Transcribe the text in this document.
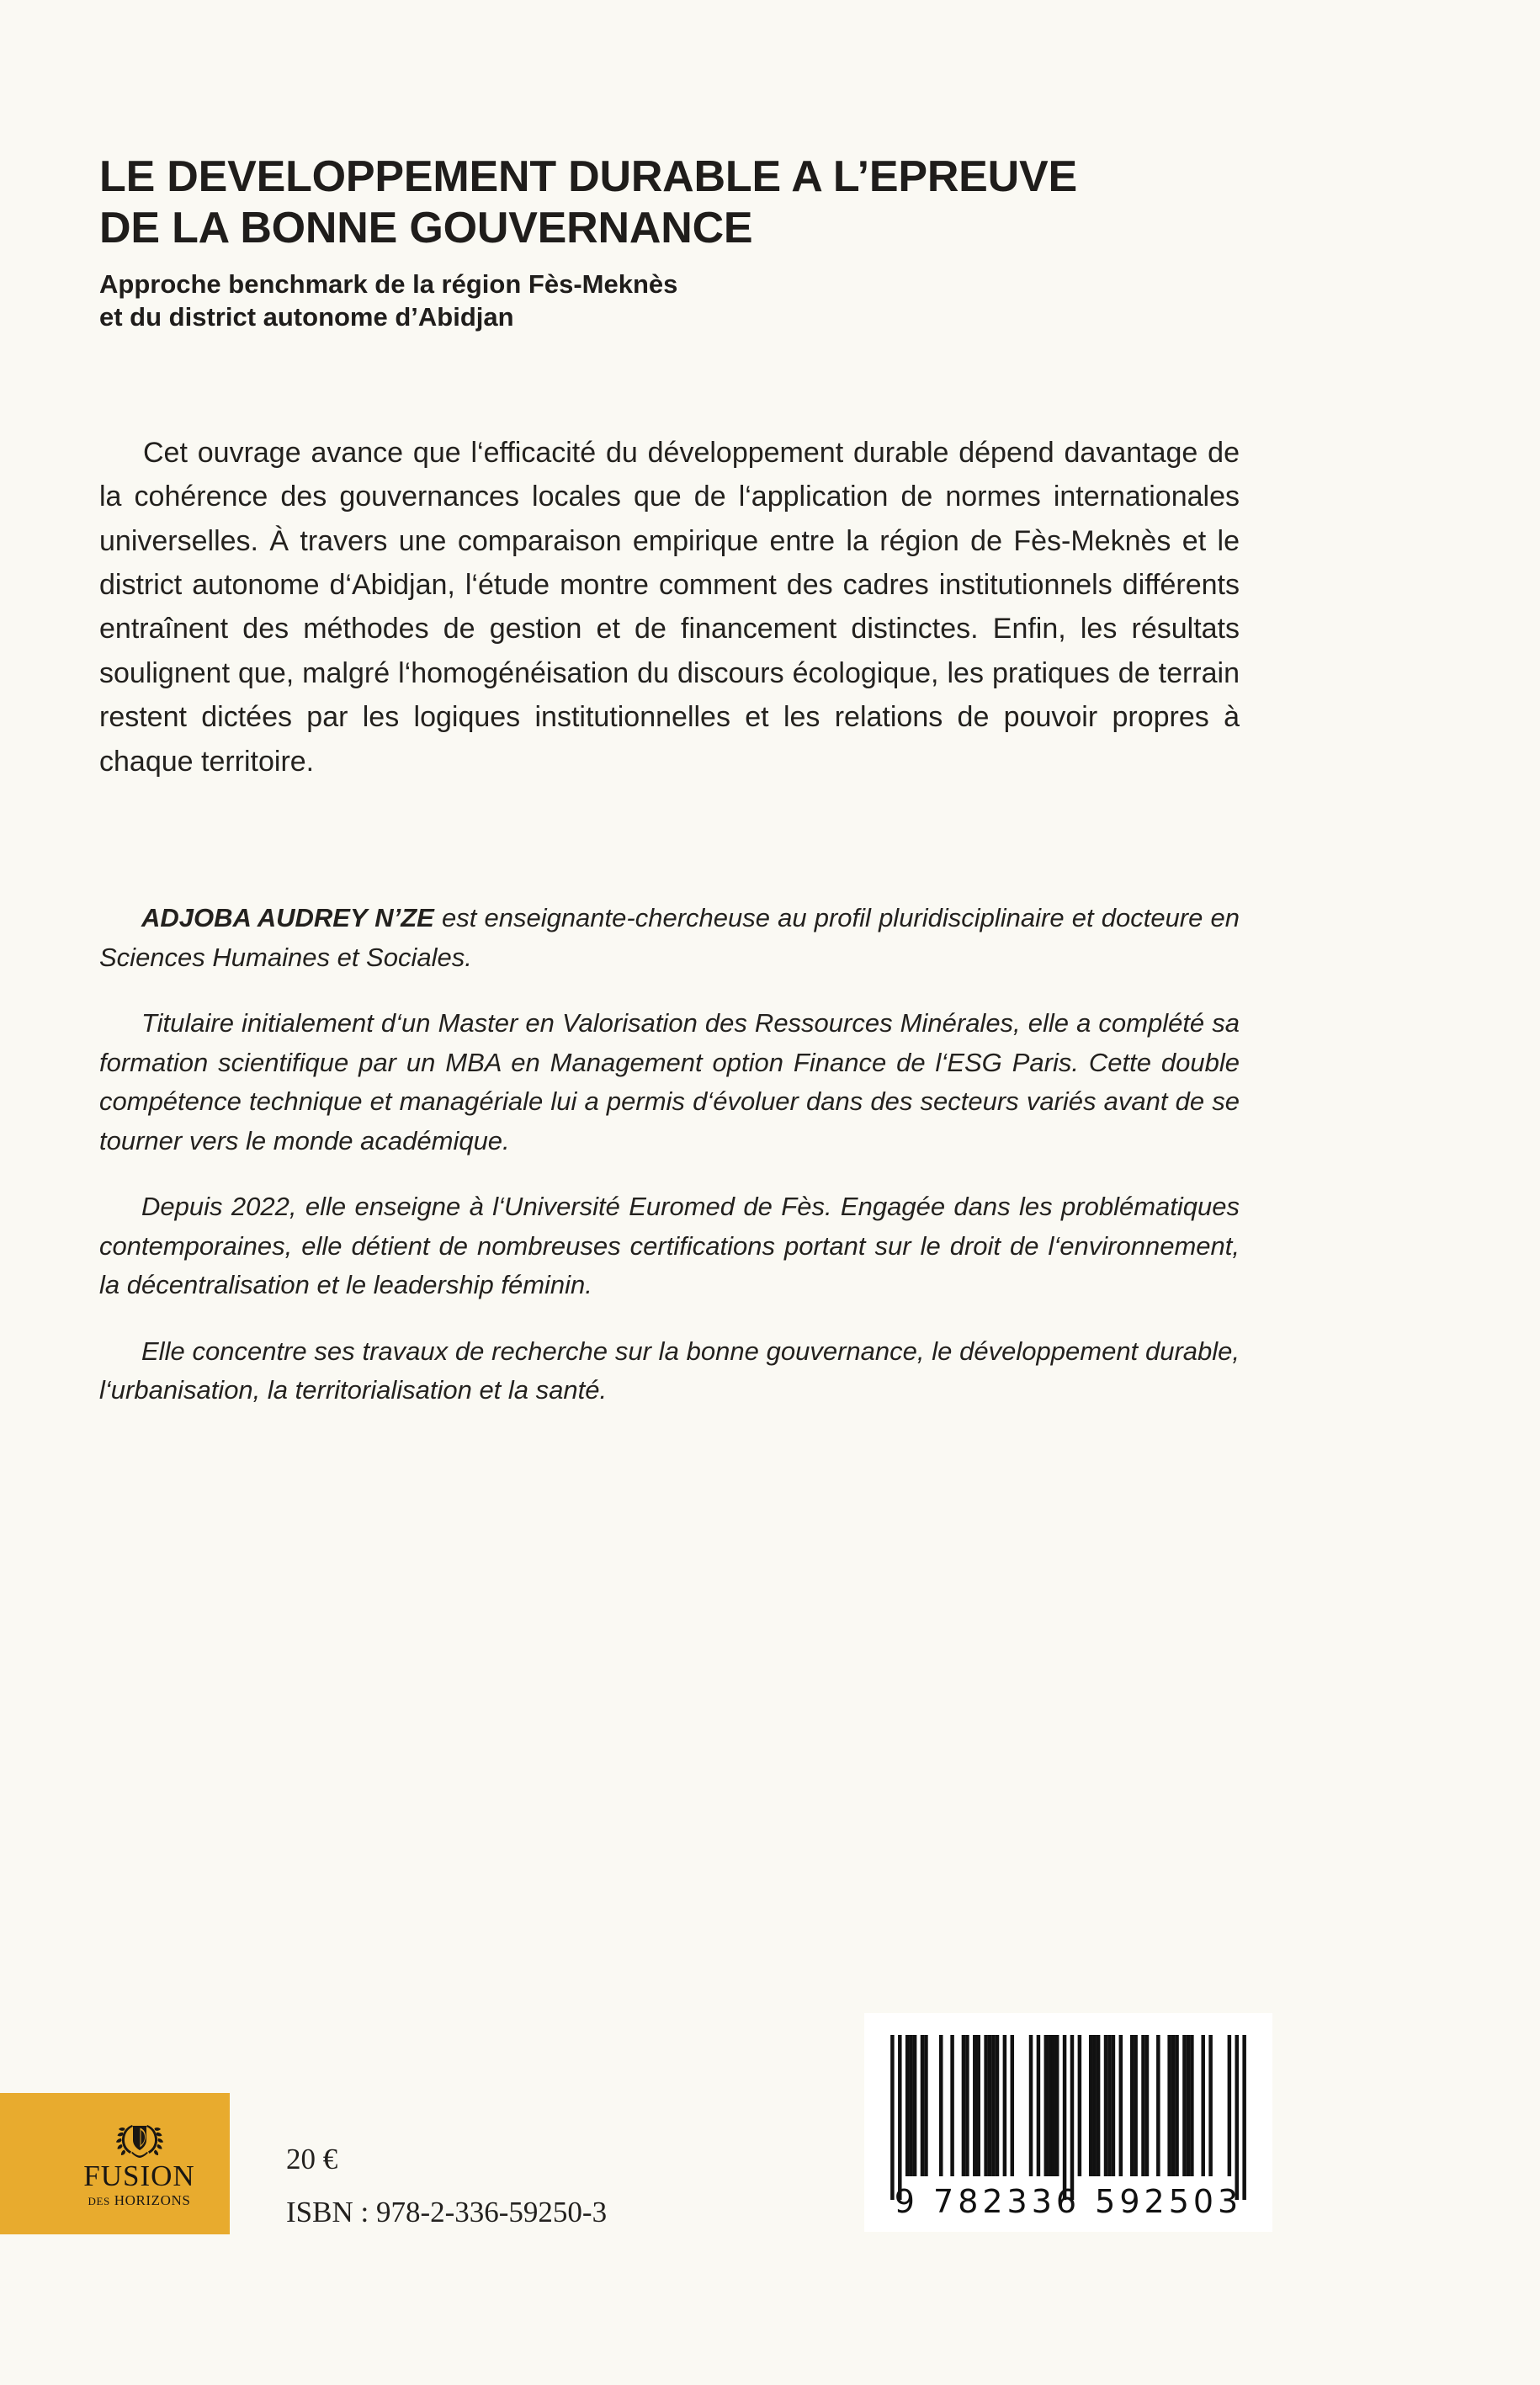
LE DEVELOPPEMENT DURABLE A L’EPREUVE
DE LA BONNE GOUVERNANCE
Approche benchmark de la région Fès-Meknès
et du district autonome d’Abidjan

Cet ouvrage avance que l‘efficacité du développement durable dépend davantage de la cohérence des gouvernances locales que de l‘application de normes internationales universelles. À travers une comparaison empirique entre la région de Fès-Meknès et le district autonome d‘Abidjan, l‘étude montre comment des cadres institutionnels différents entraînent des méthodes de gestion et de financement distinctes. Enfin, les résultats soulignent que, malgré l‘homogénéisation du discours écologique, les pratiques de terrain restent dictées par les logiques institutionnelles et les relations de pouvoir propres à chaque territoire.

ADJOBA AUDREY N’ZE est enseignante-chercheuse au profil pluridisciplinaire et docteure en Sciences Humaines et Sociales.

Titulaire initialement d‘un Master en Valorisation des Ressources Minérales, elle a complété sa formation scientifique par un MBA en Management option Finance de l‘ESG Paris. Cette double compétence technique et managériale lui a permis d‘évoluer dans des secteurs variés avant de se tourner vers le monde académique.

Depuis 2022, elle enseigne à l‘Université Euromed de Fès. Engagée dans les problématiques contemporaines, elle détient de nombreuses certifications portant sur le droit de l‘environnement, la décentralisation et le leadership féminin.

Elle concentre ses travaux de recherche sur la bonne gouvernance, le développement durable, l‘urbanisation, la territorialisation et la santé.

FUSION
DES HORIZONS
20 €
ISBN : 978-2-336-59250-3	9 782336 592503
